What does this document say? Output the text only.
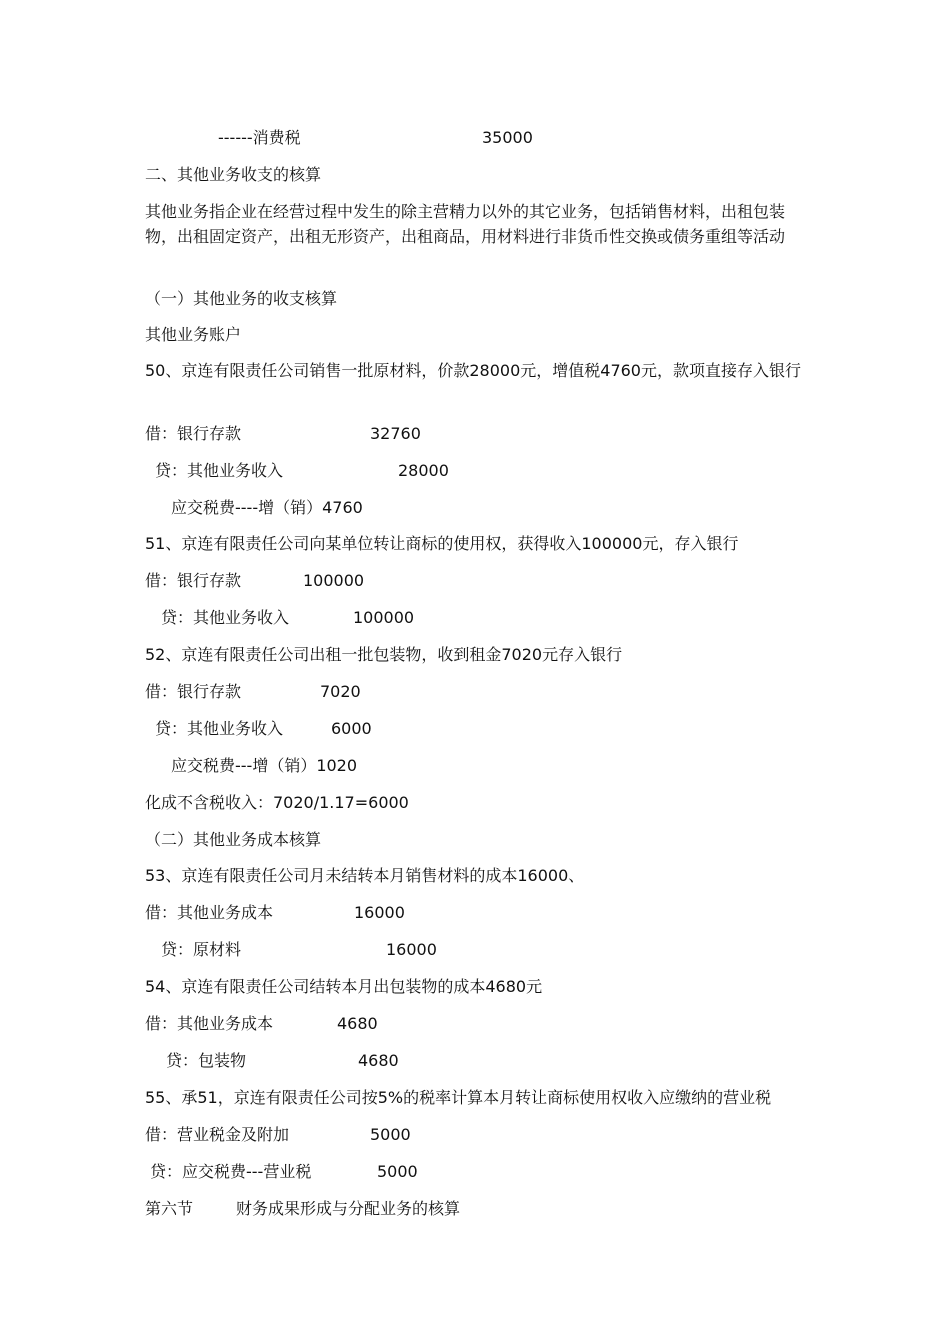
------消费税	35000
二、其他业务收支的核算
其他业务指企业在经营过程中发生的除主营精力以外的其它业务，包括销售材料，出租包装物，出租固定资产，出租无形资产，出租商品，用材料进行非货币性交换或债务重组等活动
（一）其他业务的收支核算
其他业务账户
50、京连有限责任公司销售一批原材料，价款28000元，增值税4760元，款项直接存入银行
借：银行存款	32760
贷：其他业务收入	28000
应交税费----增（销）4760
51、京连有限责任公司向某单位转让商标的使用权，获得收入100000元，存入银行
借：银行存款	100000
贷：其他业务收入	100000
52、京连有限责任公司出租一批包装物，收到租金7020元存入银行
借：银行存款	7020
贷：其他业务收入	6000
应交税费---增（销）1020
化成不含税收入：7020/1.17=6000
（二）其他业务成本核算
53、京连有限责任公司月未结转本月销售材料的成本16000、
借：其他业务成本	16000
贷：原材料	16000
54、京连有限责任公司结转本月出包装物的成本4680元
借：其他业务成本	4680
贷：包装物	4680
55、承51，京连有限责任公司按5%的税率计算本月转让商标使用权收入应缴纳的营业税
借：营业税金及附加	5000
贷：应交税费---营业税	5000
第六节	财务成果形成与分配业务的核算
